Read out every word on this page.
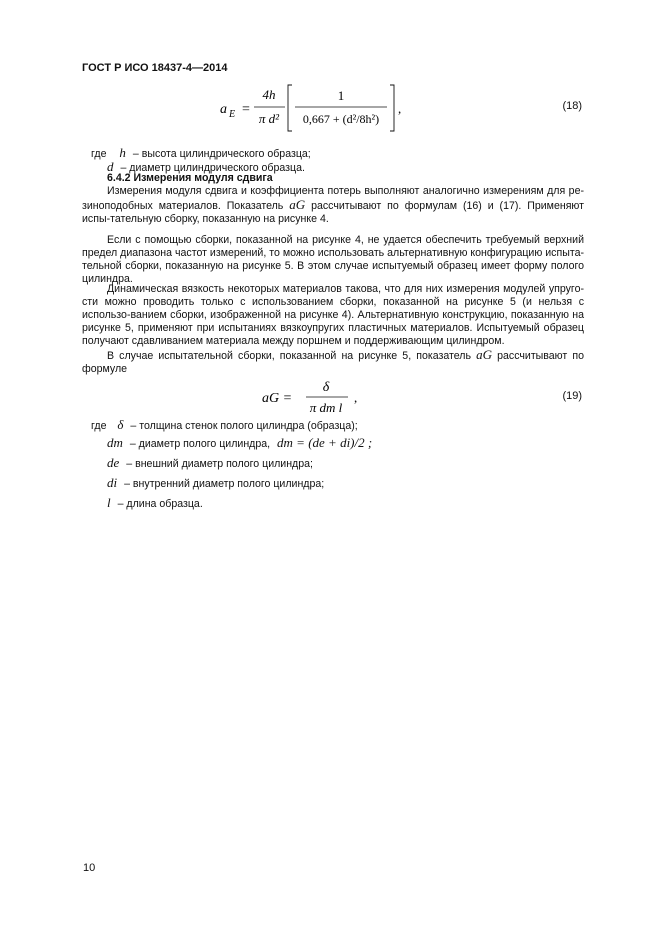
ГОСТ Р ИСО 18437-4—2014
a E =
4h
π d²
1
0,667 + (d²/8h²)
,	(18)
где h – высота цилиндрического образца;
d – диаметр цилиндрического образца.
6.4.2 Измерения модуля сдвига
Измерения модуля сдвига и коэффициента потерь выполняют аналогично измерениям для ре-зиноподобных материалов. Показатель aG рассчитывают по формулам (16) и (17). Применяют испы-тательную сборку, показанную на рисунке 4.
Если с помощью сборки, показанной на рисунке 4, не удается обеспечить требуемый верхний предел диапазона частот измерений, то можно использовать альтернативную конфигурацию испыта-тельной сборки, показанную на рисунке 5. В этом случае испытуемый образец имеет форму полого цилиндра.
Динамическая вязкость некоторых материалов такова, что для них измерения модулей упруго-сти можно проводить только с использованием сборки, показанной на рисунке 5 (и нельзя с использо-ванием сборки, изображенной на рисунке 4). Альтернативную конструкцию, показанную на рисунке 5, применяют при испытаниях вязкоупругих пластичных материалов. Испытуемый образец получают сдавливанием материала между поршнем и поддерживающим цилиндром.
В случае испытательной сборки, показанной на рисунке 5, показатель aG рассчитывают по формуле
aG =
δ
π dm l
,	(19)
где δ – толщина стенок полого цилиндра (образца);
dm – диаметр полого цилиндра, dm = (de + di)/2 ;
de – внешний диаметр полого цилиндра;
di – внутренний диаметр полого цилиндра;
l – длина образца.
10
